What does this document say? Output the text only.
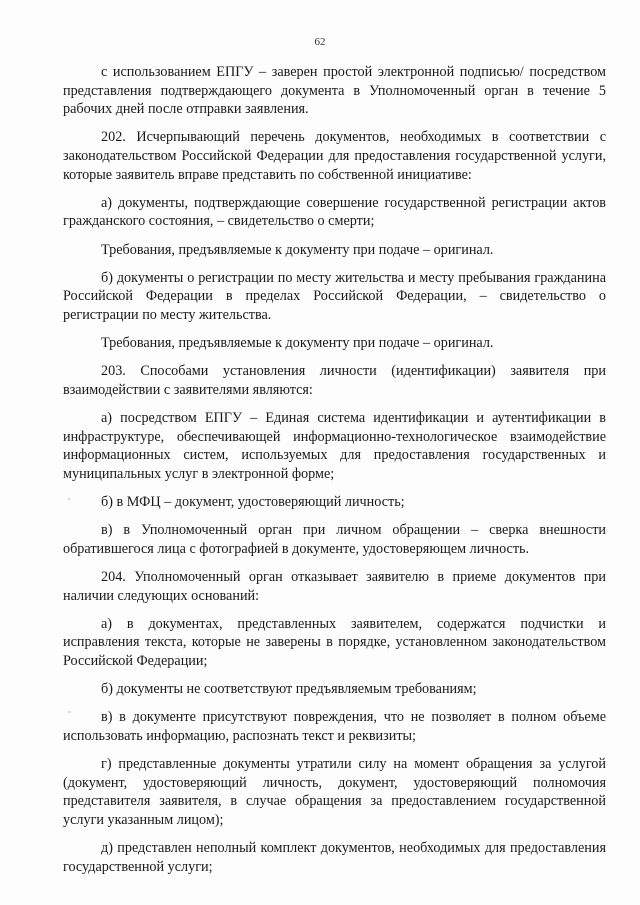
62

с использованием ЕПГУ – заверен простой электронной подписью/ посредством представления подтверждающего документа в Уполномоченный орган в течение 5 рабочих дней после отправки заявления.

202. Исчерпывающий перечень документов, необходимых в соответствии с законодательством Российской Федерации для предоставления государственной услуги, которые заявитель вправе представить по собственной инициативе:

а) документы, подтверждающие совершение государственной регистрации актов гражданского состояния, – свидетельство о смерти;

Требования, предъявляемые к документу при подаче – оригинал.

б) документы о регистрации по месту жительства и месту пребывания гражданина Российской Федерации в пределах Российской Федерации, – свидетельство о регистрации по месту жительства.

Требования, предъявляемые к документу при подаче – оригинал.

203. Способами установления личности (идентификации) заявителя при взаимодействии с заявителями являются:

а) посредством ЕПГУ – Единая система идентификации и аутентификации в инфраструктуре, обеспечивающей информационно-технологическое взаимодействие информационных систем, используемых для предоставления государственных и муниципальных услуг в электронной форме;

б) в МФЦ – документ, удостоверяющий личность;

в) в Уполномоченный орган при личном обращении – сверка внешности обратившегося лица с фотографией в документе, удостоверяющем личность.

204. Уполномоченный орган отказывает заявителю в приеме документов при наличии следующих оснований:

а) в документах, представленных заявителем, содержатся подчистки и исправления текста, которые не заверены в порядке, установленном законодательством Российской Федерации;

б) документы не соответствуют предъявляемым требованиям;

в) в документе присутствуют повреждения, что не позволяет в полном объеме использовать информацию, распознать текст и реквизиты;

г) представленные документы утратили силу на момент обращения за услугой (документ, удостоверяющий личность, документ, удостоверяющий полномочия представителя заявителя, в случае обращения за предоставлением государственной услуги указанным лицом);

д) представлен неполный комплект документов, необходимых для предоставления государственной услуги;
